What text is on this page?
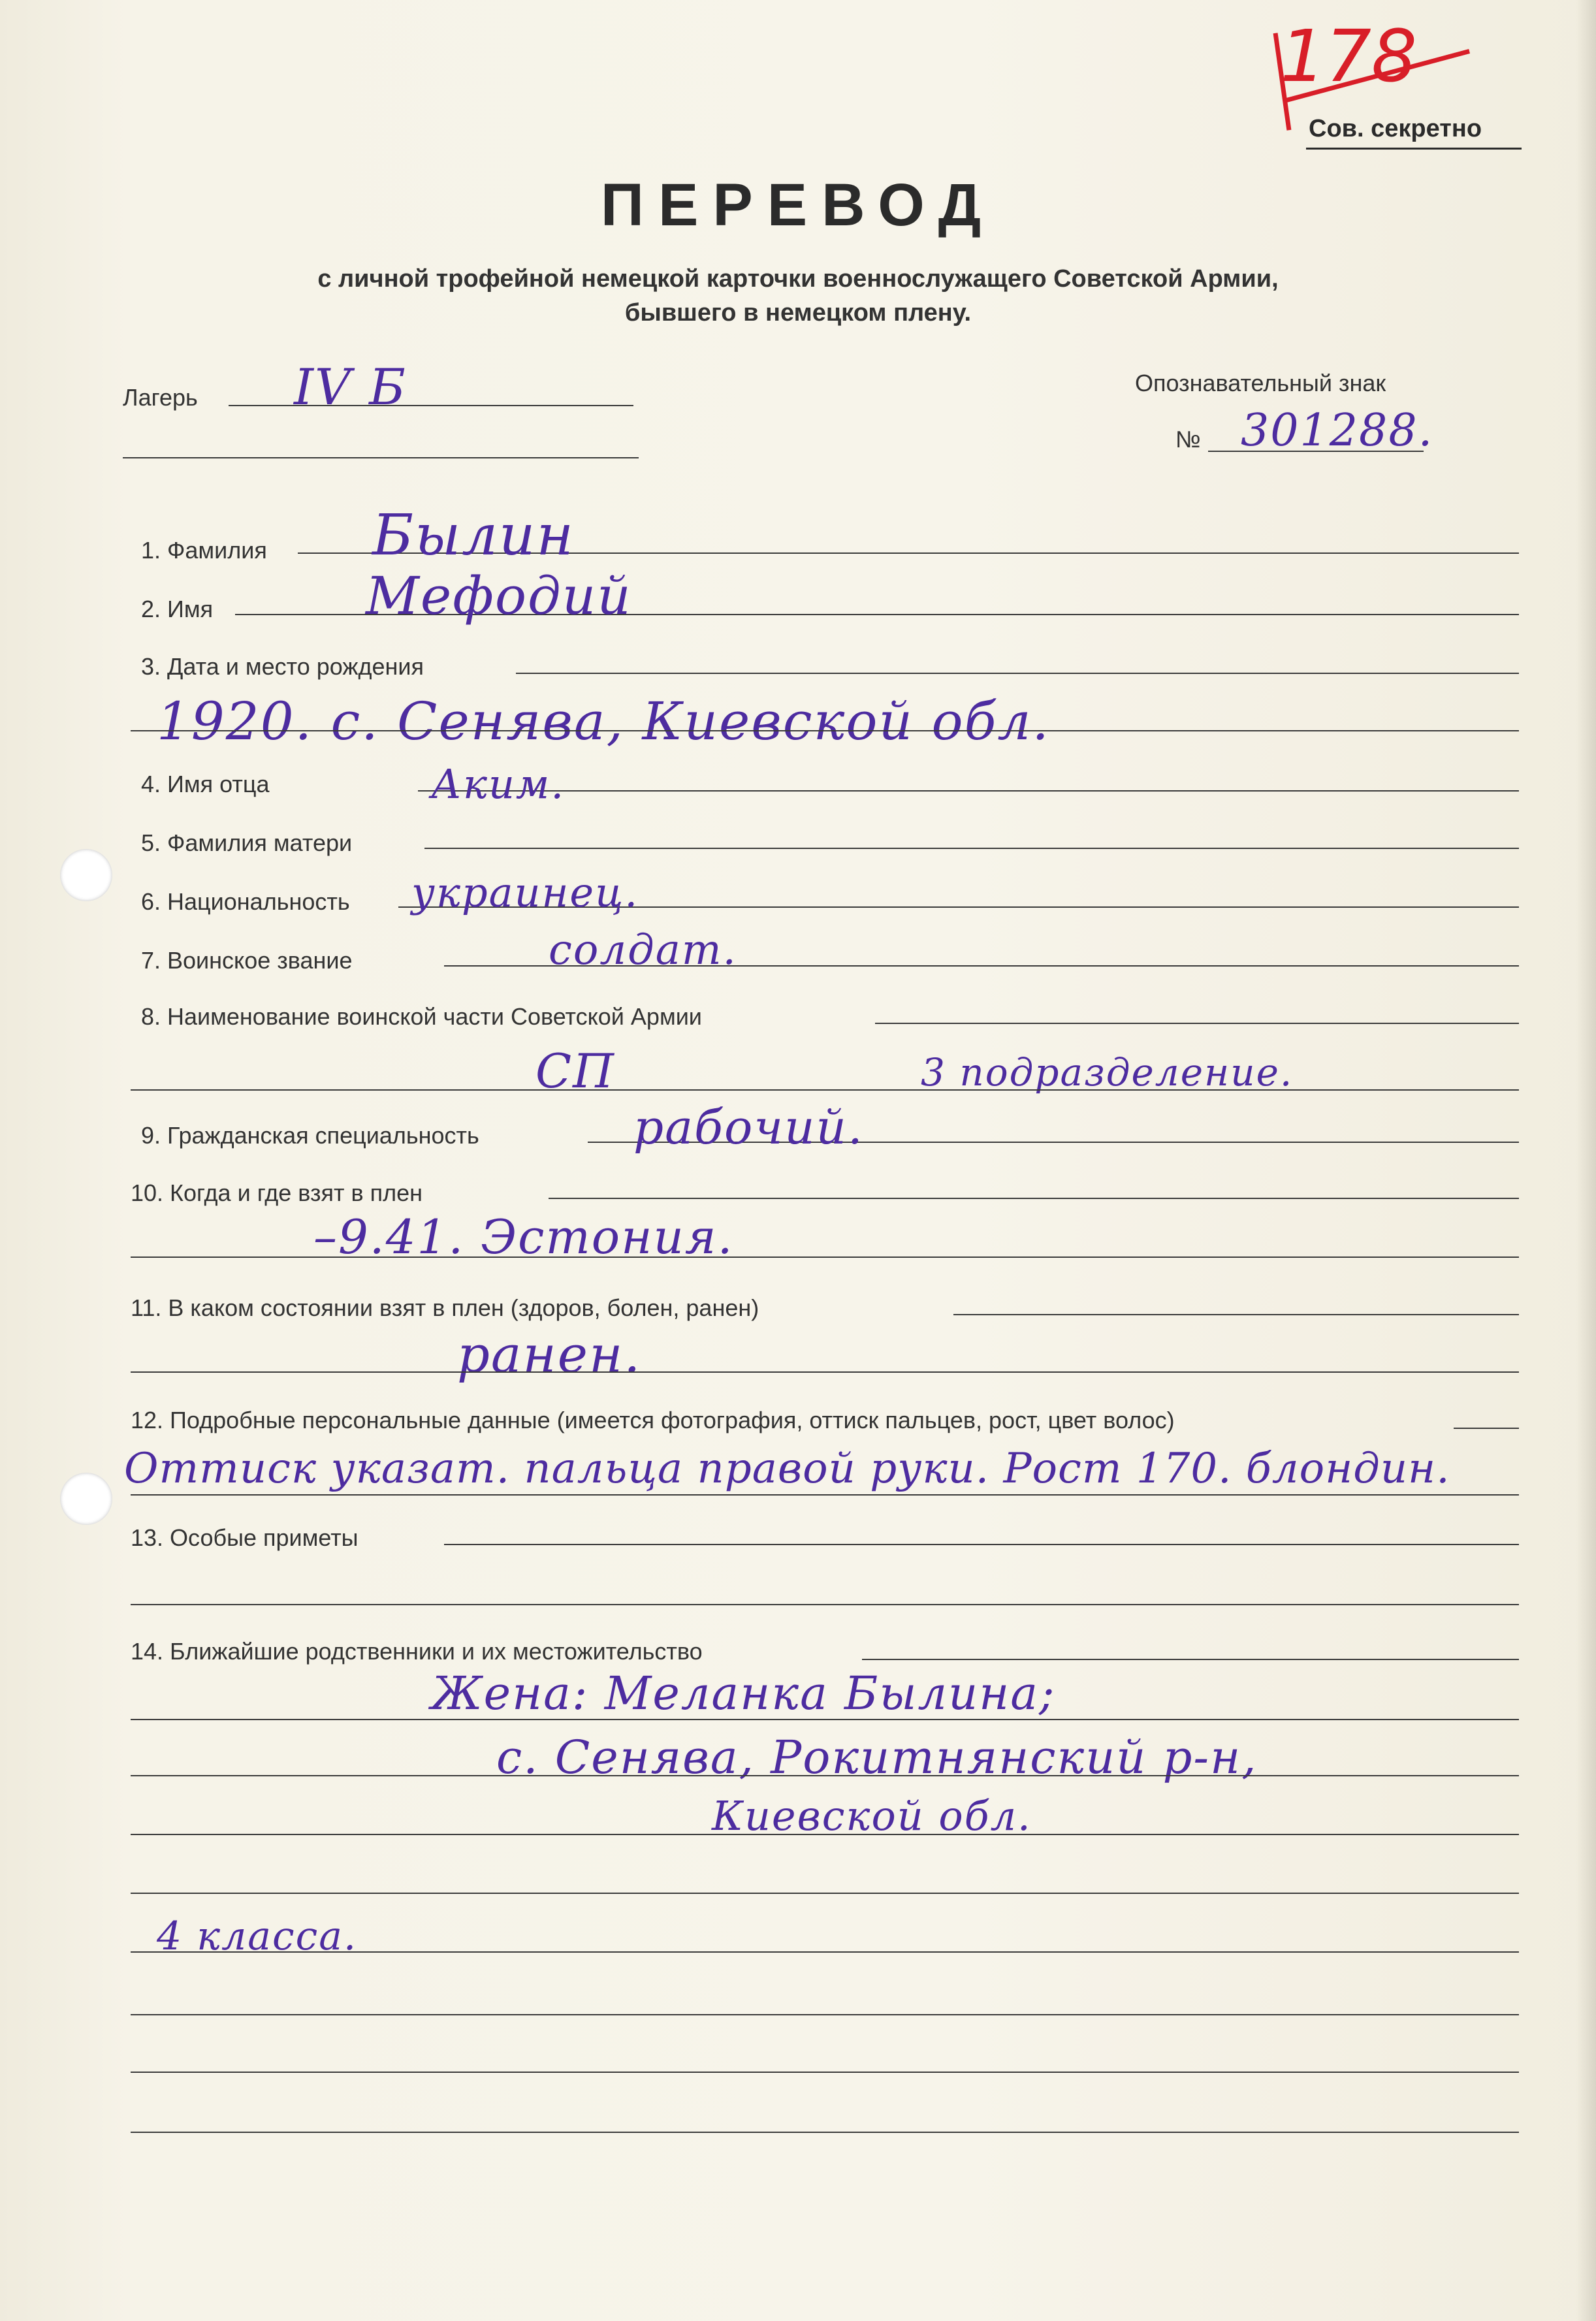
178
Сов. секретно
ПЕРЕВОД
с личной трофейной немецкой карточки военнослужащего Советской Армии,
бывшего в немецком плену.
Лагерь IV Б	Опознавательный знак
№ 301288.
1. Фамилия Былин
2. Имя	Мефодий
3. Дата и место рождения
1920. с. Сенява, Киевской обл.
4. Имя отца	Аким.
5. Фамилия матери
6. Национальность украинец.
7. Воинское звание	солдат.
8. Наименование воинской части Советской Армии
СП	3 подразделение.
9. Гражданская специальность	рабочий.
10. Когда и где взят в плен
–9.41. Эстония.
11. В каком состоянии взят в плен (здоров, болен, ранен)
ранен.
12. Подробные персональные данные (имеется фотография, оттиск пальцев, рост, цвет волос)
Оттиск указат. пальца правой руки. Рост 170. блондин.
13. Особые приметы
14. Ближайшие родственники и их местожительство
Жена: Меланка Былина;
с. Сенява, Рокитнянский р-н,
Киевской обл.
4 класса.
